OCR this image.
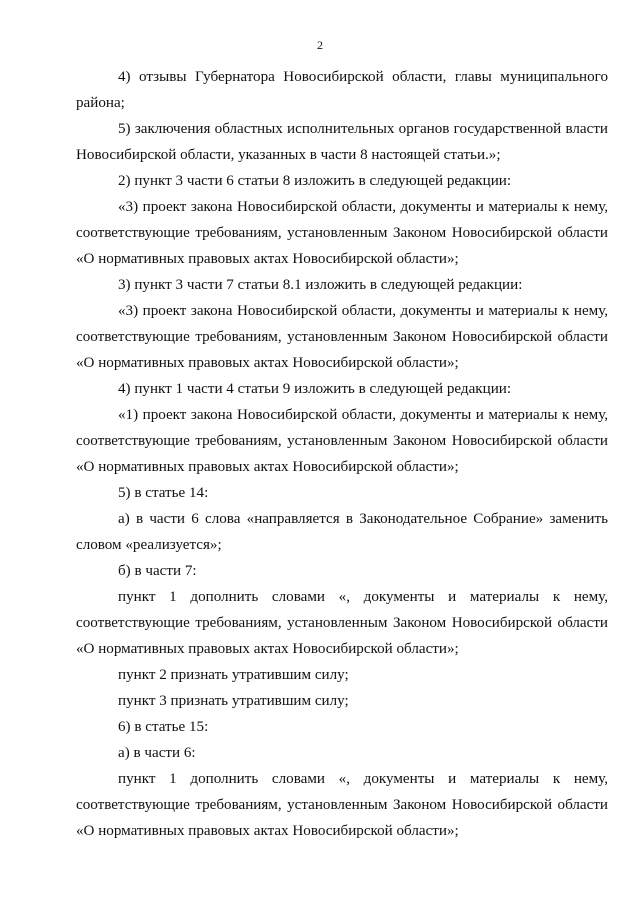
2
4) отзывы Губернатора Новосибирской области, главы муниципального
района;
5) заключения областных исполнительных органов государственной власти
Новосибирской области, указанных в части 8 настоящей статьи.»;
2) пункт 3 части 6 статьи 8 изложить в следующей редакции:
«3) проект закона Новосибирской области, документы и материалы к нему,
соответствующие требованиям, установленным Законом Новосибирской области
«О нормативных правовых актах Новосибирской области»;
3) пункт 3 части 7 статьи 8.1 изложить в следующей редакции:
«3) проект закона Новосибирской области, документы и материалы к нему,
соответствующие требованиям, установленным Законом Новосибирской области
«О нормативных правовых актах Новосибирской области»;
4) пункт 1 части 4 статьи 9 изложить в следующей редакции:
«1) проект закона Новосибирской области, документы и материалы к нему,
соответствующие требованиям, установленным Законом Новосибирской области
«О нормативных правовых актах Новосибирской области»;
5) в статье 14:
а) в части 6 слова «направляется в Законодательное Собрание» заменить
словом «реализуется»;
б) в части 7:
пункт 1 дополнить словами «, документы и материалы к нему,
соответствующие требованиям, установленным Законом Новосибирской области
«О нормативных правовых актах Новосибирской области»;
пункт 2 признать утратившим силу;
пункт 3 признать утратившим силу;
6) в статье 15:
а) в части 6:
пункт 1 дополнить словами «, документы и материалы к нему,
соответствующие требованиям, установленным Законом Новосибирской области
«О нормативных правовых актах Новосибирской области»;
